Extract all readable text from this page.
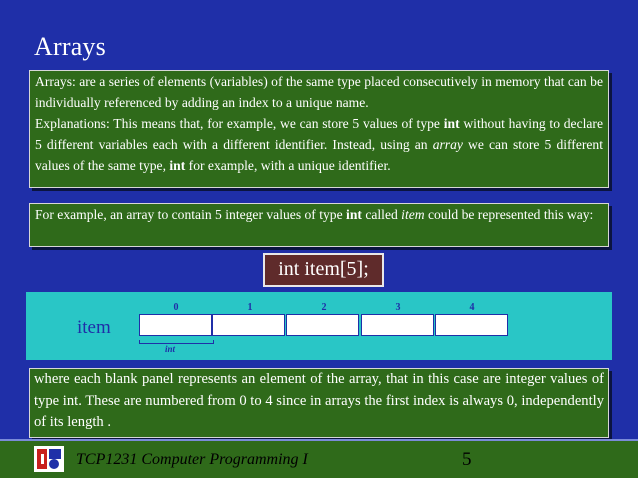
Arrays

Arrays: are a series of elements (variables) of the same type placed consecutively in memory that can be individually referenced by adding an index to a unique name.

Explanations: This means that, for example, we can store 5 values of type int without having to declare 5 different variables each with a different identifier. Instead, using an array we can store 5 different values of the same type, int for example, with a unique identifier.

For example, an array to contain 5 integer values of type int called item could be represented this way:

int item[5];
item
0	1	2	3	4
int

where each blank panel represents an element of the array, that in this case are integer values of type int. These are numbered from 0 to 4 since in arrays the first index is always 0, independently of its length .

TCP1231 Computer Programming I	5
